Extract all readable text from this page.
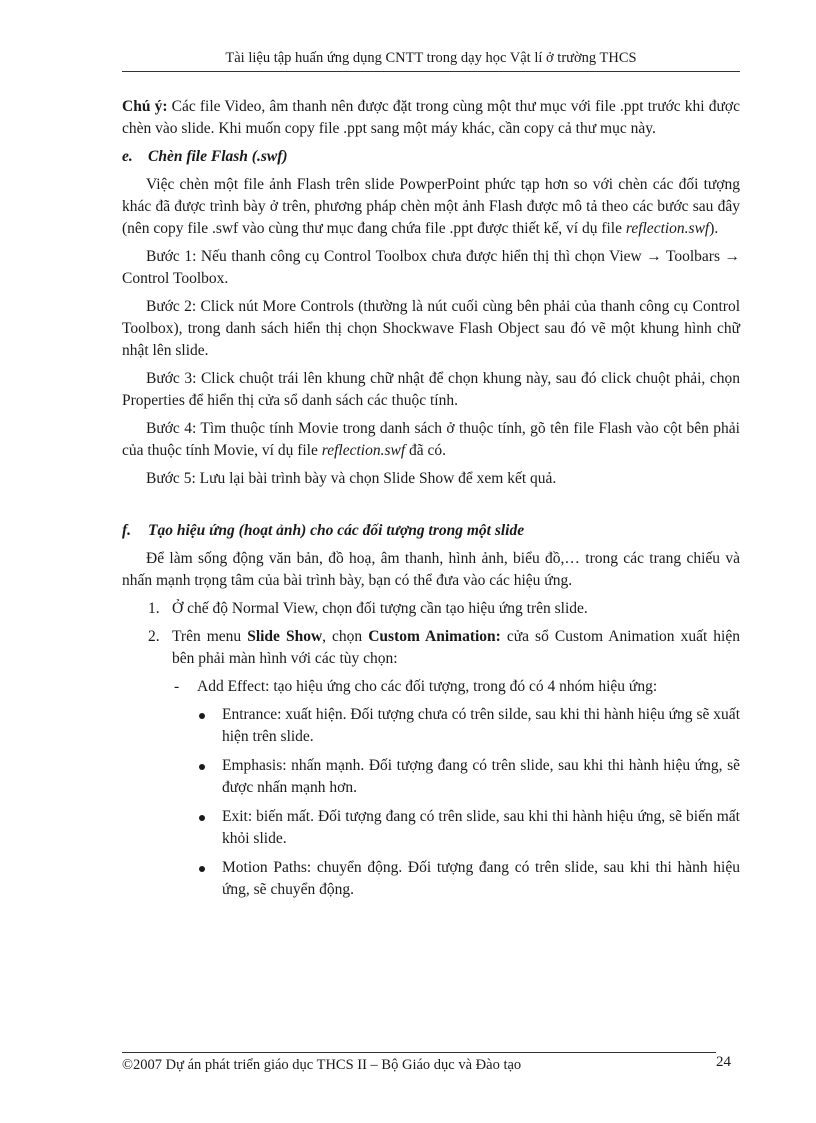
Tài liệu tập huấn ứng dụng CNTT trong dạy học Vật lí ở trường THCS

Chú ý: Các file Video, âm thanh nên được đặt trong cùng một thư mục với file .ppt trước khi được chèn vào slide. Khi muốn copy file .ppt sang một máy khác, cần copy cả thư mục này.

e. Chèn file Flash (.swf)

Việc chèn một file ảnh Flash trên slide PowperPoint phức tạp hơn so với chèn các đối tượng khác đã được trình bày ở trên, phương pháp chèn một ảnh Flash được mô tả theo các bước sau đây (nên copy file .swf vào cùng thư mục đang chứa file .ppt được thiết kế, ví dụ file reflection.swf).

Bước 1: Nếu thanh công cụ Control Toolbox chưa được hiển thị thì chọn View → Toolbars → Control Toolbox.

Bước 2: Click nút More Controls (thường là nút cuối cùng bên phải của thanh công cụ Control Toolbox), trong danh sách hiển thị chọn Shockwave Flash Object sau đó vẽ một khung hình chữ nhật lên slide.

Bước 3: Click chuột trái lên khung chữ nhật để chọn khung này, sau đó click chuột phải, chọn Properties để hiển thị cửa sổ danh sách các thuộc tính.

Bước 4: Tìm thuộc tính Movie trong danh sách ở thuộc tính, gõ tên file Flash vào cột bên phải của thuộc tính Movie, ví dụ file reflection.swf đã có.

Bước 5: Lưu lại bài trình bày và chọn Slide Show để xem kết quả.

f. Tạo hiệu ứng (hoạt ảnh) cho các đối tượng trong một slide

Để làm sống động văn bản, đồ hoạ, âm thanh, hình ảnh, biểu đồ,… trong các trang chiếu và nhấn mạnh trọng tâm của bài trình bày, bạn có thể đưa vào các hiệu ứng.

1. Ở chế độ Normal View, chọn đối tượng cần tạo hiệu ứng trên slide.
2. Trên menu Slide Show, chọn Custom Animation: cửa sổ Custom Animation xuất hiện bên phải màn hình với các tùy chọn:
- Add Effect: tạo hiệu ứng cho các đối tượng, trong đó có 4 nhóm hiệu ứng:
Entrance: xuất hiện. Đối tượng chưa có trên silde, sau khi thi hành hiệu ứng sẽ xuất hiện trên slide.
Emphasis: nhấn mạnh. Đối tượng đang có trên slide, sau khi thi hành hiệu ứng, sẽ được nhấn mạnh hơn.
Exit: biến mất. Đối tượng đang có trên slide, sau khi thi hành hiệu ứng, sẽ biến mất khỏi slide.
Motion Paths: chuyển động. Đối tượng đang có trên slide, sau khi thi hành hiệu ứng, sẽ chuyển động.
©2007 Dự án phát triển giáo dục THCS II – Bộ Giáo dục và Đào tạo	24
